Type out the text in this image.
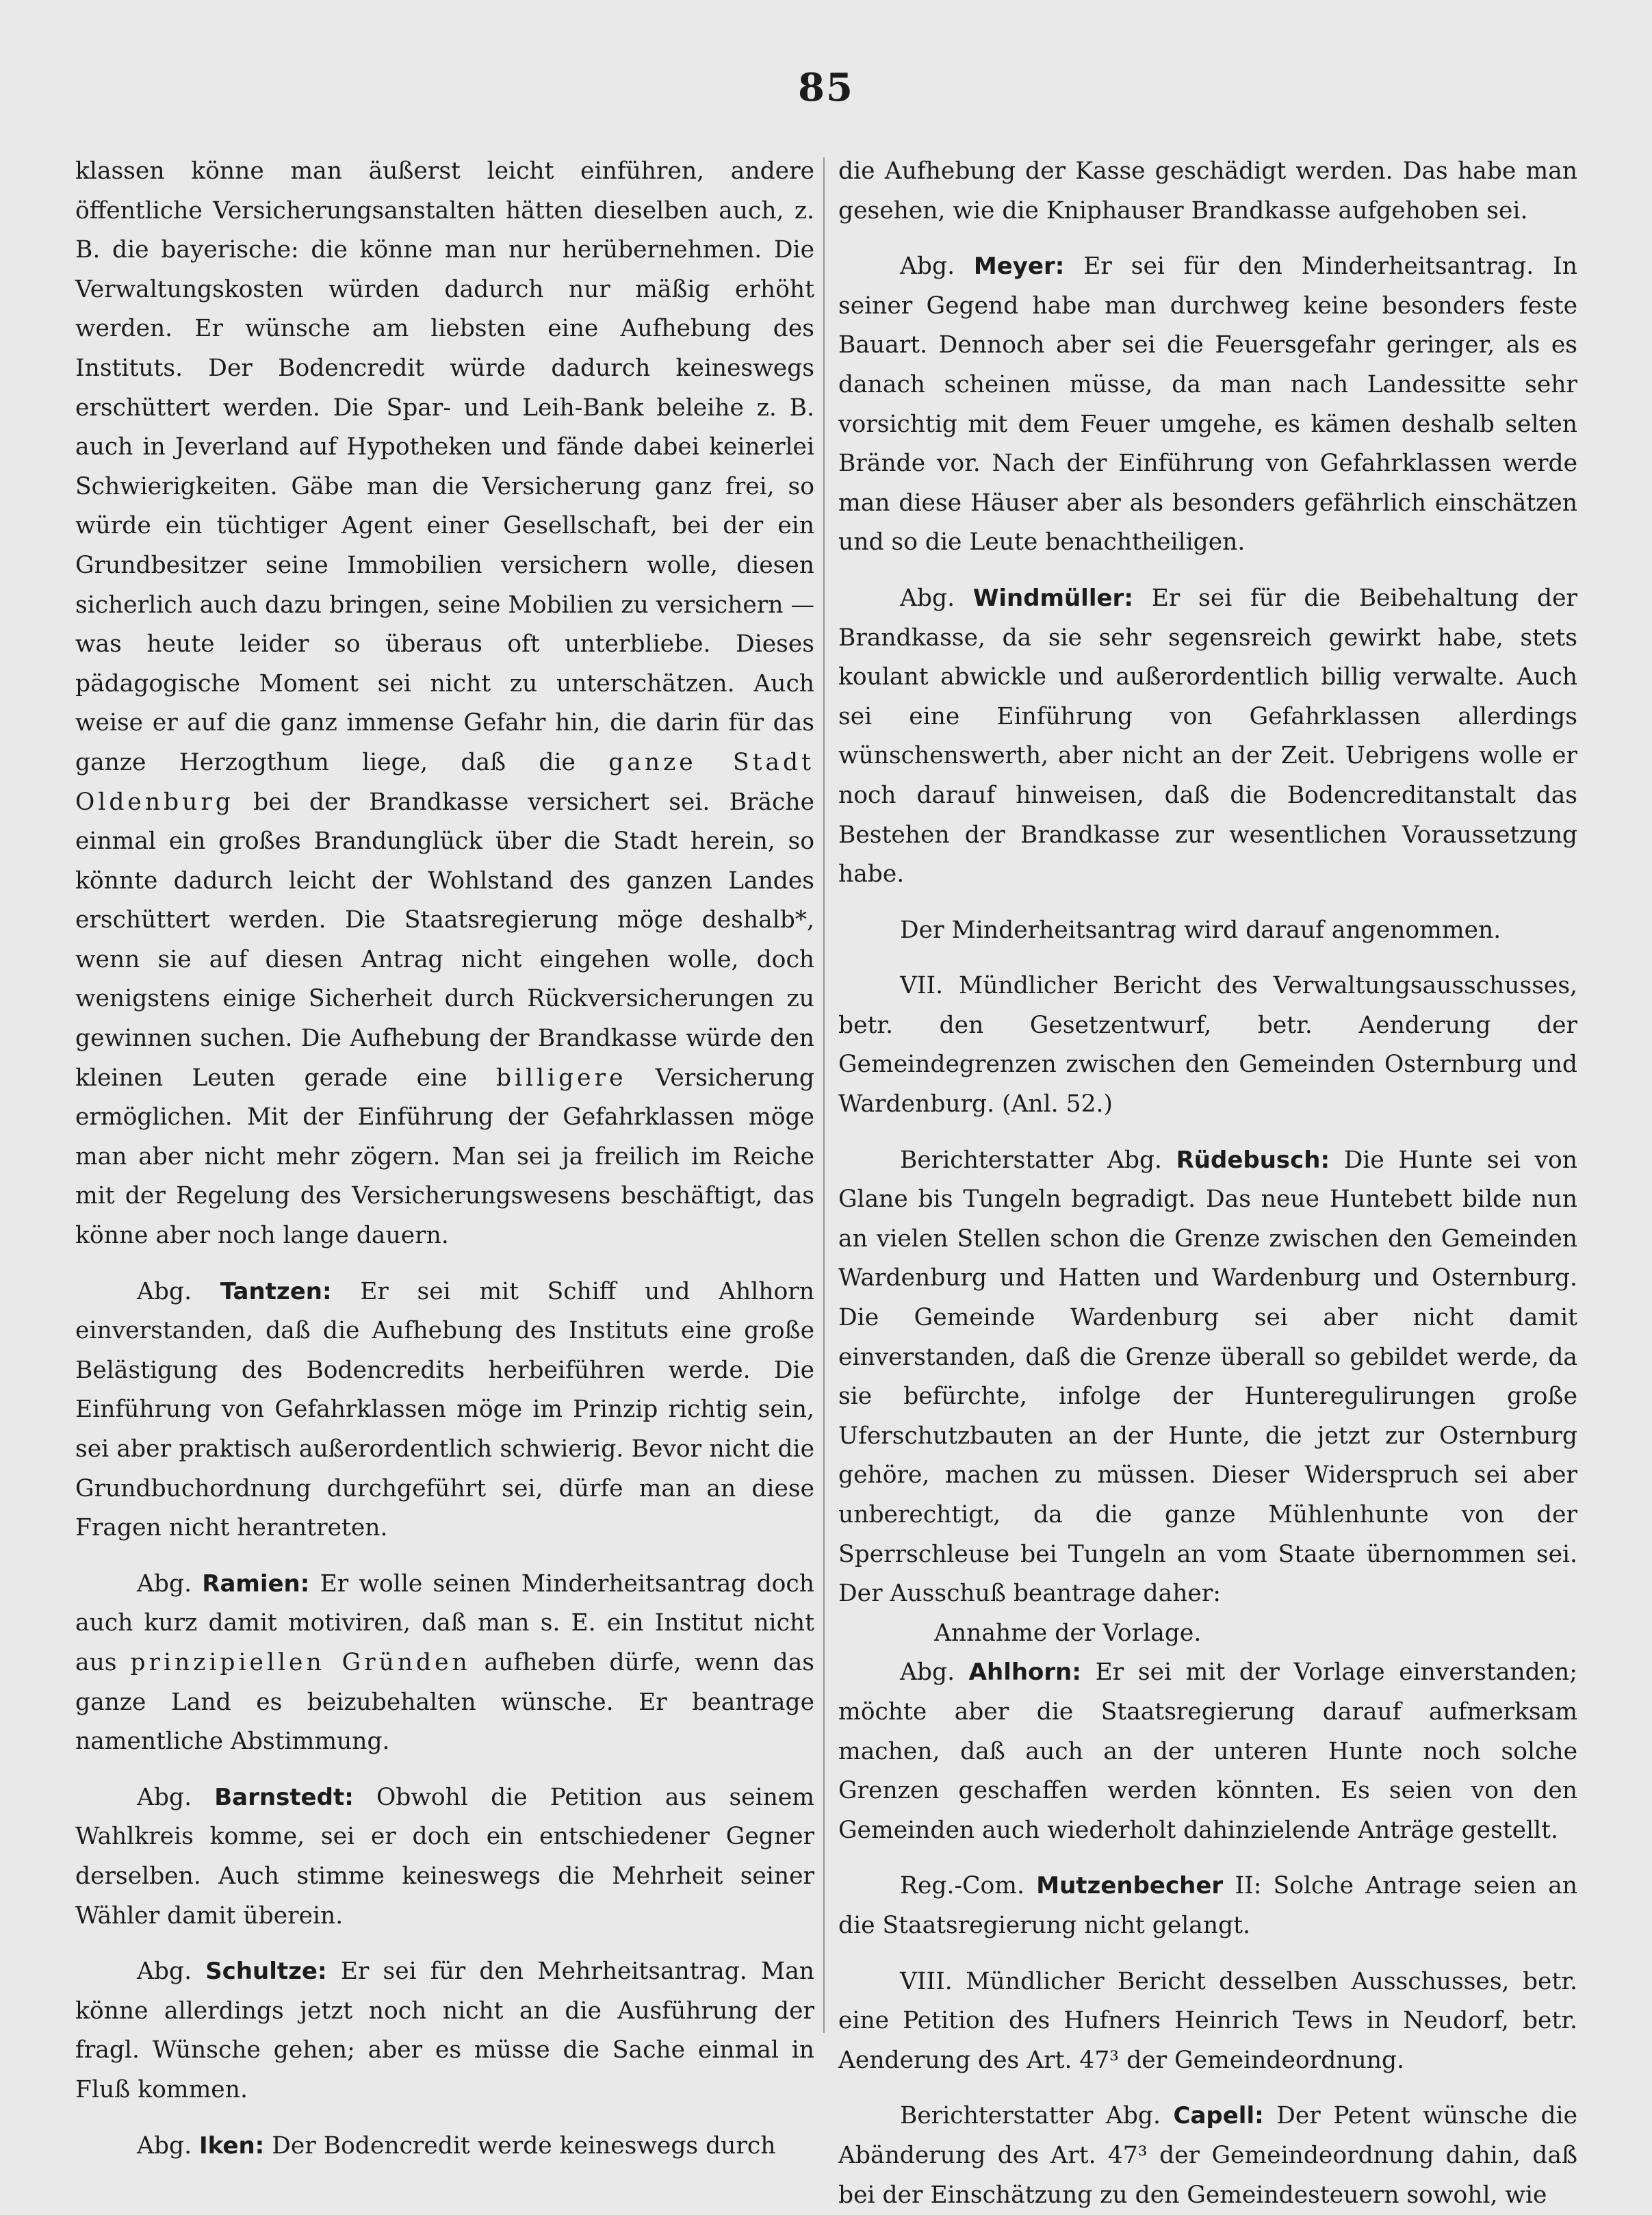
85

klassen könne man äußerst leicht einführen, andere öffentliche Versicherungsanstalten hätten dieselben auch, z. B. die bayerische: die könne man nur herübernehmen. Die Verwaltungskosten würden dadurch nur mäßig erhöht werden. Er wünsche am liebsten eine Aufhebung des Instituts. Der Bodencredit würde dadurch keineswegs erschüttert werden. Die Spar- und Leih-Bank beleihe z. B. auch in Jeverland auf Hypotheken und fände dabei keinerlei Schwierigkeiten. Gäbe man die Versicherung ganz frei, so würde ein tüchtiger Agent einer Gesellschaft, bei der ein Grundbesitzer seine Immobilien versichern wolle, diesen sicherlich auch dazu bringen, seine Mobilien zu versichern — was heute leider so überaus oft unterbliebe. Dieses pädagogische Moment sei nicht zu unterschätzen. Auch weise er auf die ganz immense Gefahr hin, die darin für das ganze Herzogthum liege, daß die ganze Stadt Oldenburg bei der Brandkasse versichert sei. Bräche einmal ein großes Brandunglück über die Stadt herein, so könnte dadurch leicht der Wohlstand des ganzen Landes erschüttert werden. Die Staatsregierung möge deshalb*, wenn sie auf diesen Antrag nicht eingehen wolle, doch wenigstens einige Sicherheit durch Rückversicherungen zu gewinnen suchen. Die Aufhebung der Brandkasse würde den kleinen Leuten gerade eine billigere Versicherung ermöglichen. Mit der Einführung der Gefahrklassen möge man aber nicht mehr zögern. Man sei ja freilich im Reiche mit der Regelung des Versicherungswesens beschäftigt, das könne aber noch lange dauern.

Abg. Tantzen: Er sei mit Schiff und Ahlhorn einverstanden, daß die Aufhebung des Instituts eine große Belästigung des Bodencredits herbeiführen werde. Die Einführung von Gefahrklassen möge im Prinzip richtig sein, sei aber praktisch außerordentlich schwierig. Bevor nicht die Grundbuchordnung durchgeführt sei, dürfe man an diese Fragen nicht herantreten.

Abg. Ramien: Er wolle seinen Minderheitsantrag doch auch kurz damit motiviren, daß man s. E. ein Institut nicht aus prinzipiellen Gründen aufheben dürfe, wenn das ganze Land es beizubehalten wünsche. Er beantrage namentliche Abstimmung.

Abg. Barnstedt: Obwohl die Petition aus seinem Wahlkreis komme, sei er doch ein entschiedener Gegner derselben. Auch stimme keineswegs die Mehrheit seiner Wähler damit überein.

Abg. Schultze: Er sei für den Mehrheitsantrag. Man könne allerdings jetzt noch nicht an die Ausführung der fragl. Wünsche gehen; aber es müsse die Sache einmal in Fluß kommen.

Abg. Iken: Der Bodencredit werde keineswegs durch

die Aufhebung der Kasse geschädigt werden. Das habe man gesehen, wie die Kniphauser Brandkasse aufgehoben sei.

Abg. Meyer: Er sei für den Minderheitsantrag. In seiner Gegend habe man durchweg keine besonders feste Bauart. Dennoch aber sei die Feuersgefahr geringer, als es danach scheinen müsse, da man nach Landessitte sehr vorsichtig mit dem Feuer umgehe, es kämen deshalb selten Brände vor. Nach der Einführung von Gefahrklassen werde man diese Häuser aber als besonders gefährlich einschätzen und so die Leute benachtheiligen.

Abg. Windmüller: Er sei für die Beibehaltung der Brandkasse, da sie sehr segensreich gewirkt habe, stets koulant abwickle und außerordentlich billig verwalte. Auch sei eine Einführung von Gefahrklassen allerdings wünschenswerth, aber nicht an der Zeit. Uebrigens wolle er noch darauf hinweisen, daß die Bodencreditanstalt das Bestehen der Brandkasse zur wesentlichen Voraussetzung habe.

Der Minderheitsantrag wird darauf angenommen.

VII. Mündlicher Bericht des Verwaltungsausschusses, betr. den Gesetzentwurf, betr. Aenderung der Gemeindegrenzen zwischen den Gemeinden Osternburg und Wardenburg. (Anl. 52.)

Berichterstatter Abg. Rüdebusch: Die Hunte sei von Glane bis Tungeln begradigt. Das neue Huntebett bilde nun an vielen Stellen schon die Grenze zwischen den Gemeinden Wardenburg und Hatten und Wardenburg und Osternburg. Die Gemeinde Wardenburg sei aber nicht damit einverstanden, daß die Grenze überall so gebildet werde, da sie befürchte, infolge der Hunteregulirungen große Uferschutzbauten an der Hunte, die jetzt zur Osternburg gehöre, machen zu müssen. Dieser Widerspruch sei aber unberechtigt, da die ganze Mühlenhunte von der Sperrschleuse bei Tungeln an vom Staate übernommen sei. Der Ausschuß beantrage daher:

Annahme der Vorlage.

Abg. Ahlhorn: Er sei mit der Vorlage einverstanden; möchte aber die Staatsregierung darauf aufmerksam machen, daß auch an der unteren Hunte noch solche Grenzen geschaffen werden könnten. Es seien von den Gemeinden auch wiederholt dahinzielende Anträge gestellt.

Reg.-Com. Mutzenbecher II: Solche Antrage seien an die Staatsregierung nicht gelangt.

VIII. Mündlicher Bericht desselben Ausschusses, betr. eine Petition des Hufners Heinrich Tews in Neudorf, betr. Aenderung des Art. 47³ der Gemeindeordnung.

Berichterstatter Abg. Capell: Der Petent wünsche die Abänderung des Art. 47³ der Gemeindeordnung dahin, daß bei der Einschätzung zu den Gemeindesteuern sowohl, wie
